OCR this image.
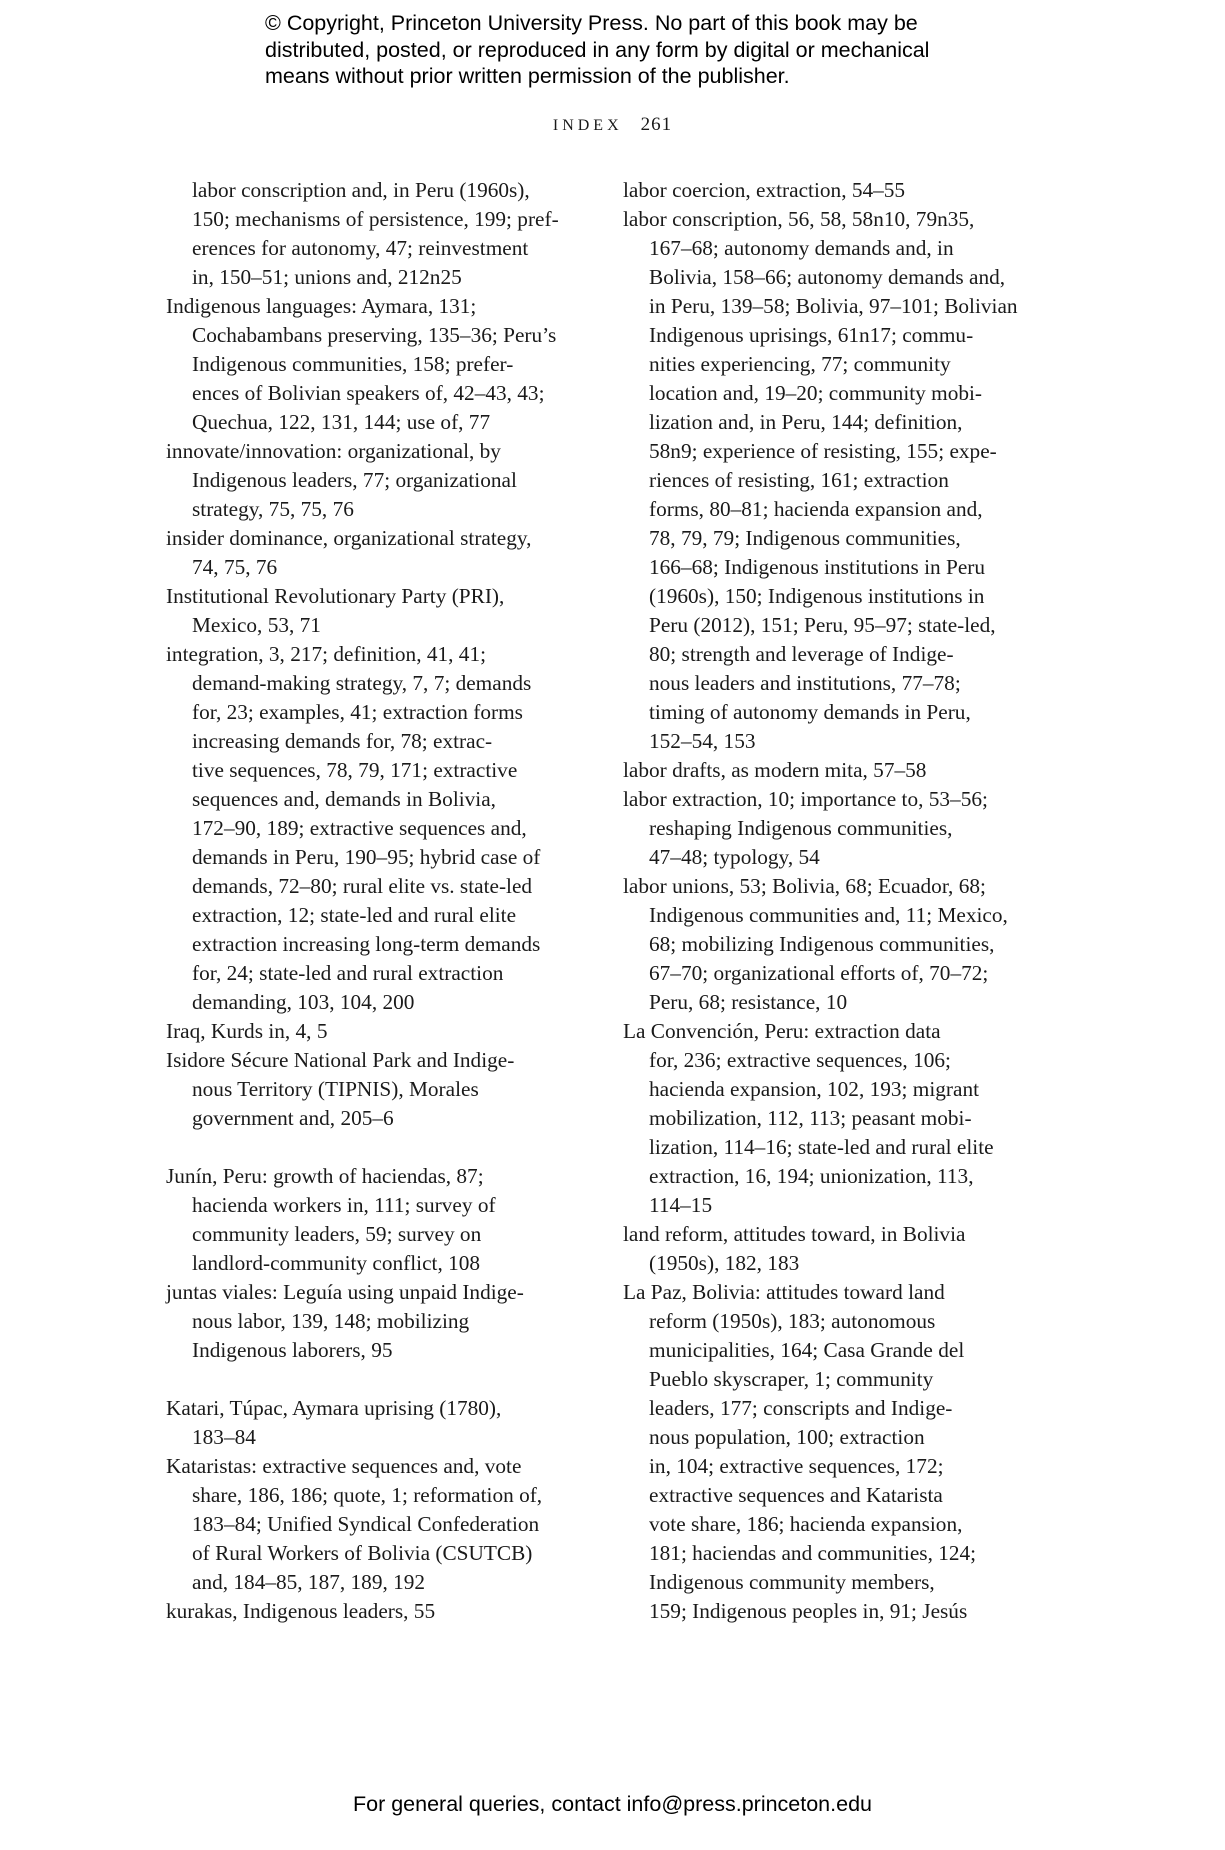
© Copyright, Princeton University Press. No part of this book may be
distributed, posted, or reproduced in any form by digital or mechanical
means without prior written permission of the publisher.
INDEX 261
labor conscription and, in Peru (1960s),
150; mechanisms of persistence, 199; pref-
erences for autonomy, 47; reinvestment
in, 150–51; unions and, 212n25
Indigenous languages: Aymara, 131;
Cochabambans preserving, 135–36; Peru’s
Indigenous communities, 158; prefer-
ences of Bolivian speakers of, 42–43, 43;
Quechua, 122, 131, 144; use of, 77
innovate/innovation: organizational, by
Indigenous leaders, 77; organizational
strategy, 75, 75, 76
insider dominance, organizational strategy,
74, 75, 76
Institutional Revolutionary Party (PRI),
Mexico, 53, 71
integration, 3, 217; definition, 41, 41;
demand-making strategy, 7, 7; demands
for, 23; examples, 41; extraction forms
increasing demands for, 78; extrac-
tive sequences, 78, 79, 171; extractive
sequences and, demands in Bolivia,
172–90, 189; extractive sequences and,
demands in Peru, 190–95; hybrid case of
demands, 72–80; rural elite vs. state-led
extraction, 12; state-led and rural elite
extraction increasing long-term demands
for, 24; state-led and rural extraction
demanding, 103, 104, 200
Iraq, Kurds in, 4, 5
Isidore Sécure National Park and Indige-
nous Territory (TIPNIS), Morales
government and, 205–6
Junín, Peru: growth of haciendas, 87;
hacienda workers in, 111; survey of
community leaders, 59; survey on
landlord-community conflict, 108
juntas viales: Leguía using unpaid Indige-
nous labor, 139, 148; mobilizing
Indigenous laborers, 95
Katari, Túpac, Aymara uprising (1780),
183–84
Kataristas: extractive sequences and, vote
share, 186, 186; quote, 1; reformation of,
183–84; Unified Syndical Confederation
of Rural Workers of Bolivia (CSUTCB)
and, 184–85, 187, 189, 192
kurakas, Indigenous leaders, 55
labor coercion, extraction, 54–55
labor conscription, 56, 58, 58n10, 79n35,
167–68; autonomy demands and, in
Bolivia, 158–66; autonomy demands and,
in Peru, 139–58; Bolivia, 97–101; Bolivian
Indigenous uprisings, 61n17; commu-
nities experiencing, 77; community
location and, 19–20; community mobi-
lization and, in Peru, 144; definition,
58n9; experience of resisting, 155; expe-
riences of resisting, 161; extraction
forms, 80–81; hacienda expansion and,
78, 79, 79; Indigenous communities,
166–68; Indigenous institutions in Peru
(1960s), 150; Indigenous institutions in
Peru (2012), 151; Peru, 95–97; state-led,
80; strength and leverage of Indige-
nous leaders and institutions, 77–78;
timing of autonomy demands in Peru,
152–54, 153
labor drafts, as modern mita, 57–58
labor extraction, 10; importance to, 53–56;
reshaping Indigenous communities,
47–48; typology, 54
labor unions, 53; Bolivia, 68; Ecuador, 68;
Indigenous communities and, 11; Mexico,
68; mobilizing Indigenous communities,
67–70; organizational efforts of, 70–72;
Peru, 68; resistance, 10
La Convención, Peru: extraction data
for, 236; extractive sequences, 106;
hacienda expansion, 102, 193; migrant
mobilization, 112, 113; peasant mobi-
lization, 114–16; state-led and rural elite
extraction, 16, 194; unionization, 113,
114–15
land reform, attitudes toward, in Bolivia
(1950s), 182, 183
La Paz, Bolivia: attitudes toward land
reform (1950s), 183; autonomous
municipalities, 164; Casa Grande del
Pueblo skyscraper, 1; community
leaders, 177; conscripts and Indige-
nous population, 100; extraction
in, 104; extractive sequences, 172;
extractive sequences and Katarista
vote share, 186; hacienda expansion,
181; haciendas and communities, 124;
Indigenous community members,
159; Indigenous peoples in, 91; Jesús
For general queries, contact info@press.princeton.edu
